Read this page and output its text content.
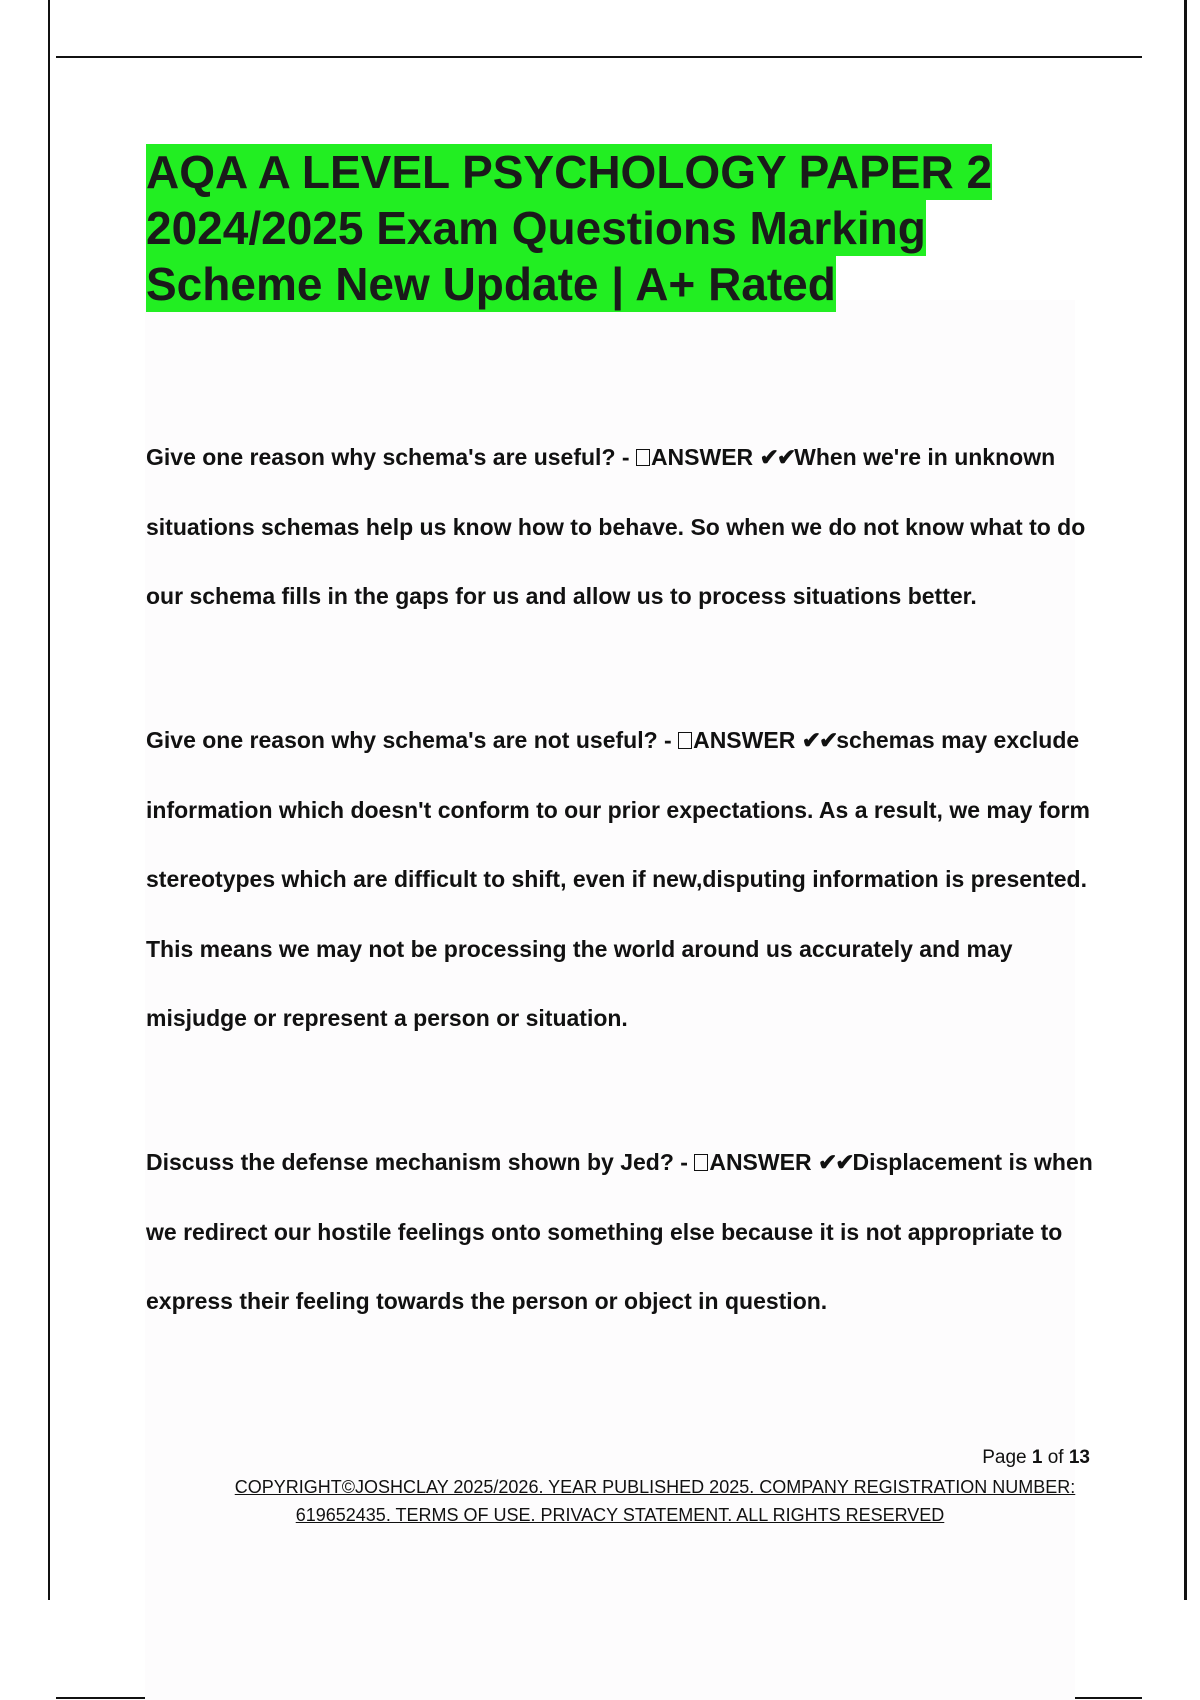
AQA A LEVEL PSYCHOLOGY PAPER 2 2024/2025 Exam Questions Marking Scheme New Update | A+ Rated

Give one reason why schema's are useful? - ANSWER ✔✔When we're in unknown situations schemas help us know how to behave. So when we do not know what to do our schema fills in the gaps for us and allow us to process situations better.

Give one reason why schema's are not useful? - ANSWER ✔✔schemas may exclude information which doesn't conform to our prior expectations. As a result, we may form stereotypes which are difficult to shift, even if new,disputing information is presented. This means we may not be processing the world around us accurately and may misjudge or represent a person or situation.

Discuss the defense mechanism shown by Jed? - ANSWER ✔✔Displacement is when we redirect our hostile feelings onto something else because it is not appropriate to express their feeling towards the person or object in question.

Page 1 of 13
COPYRIGHT©JOSHCLAY 2025/2026. YEAR PUBLISHED 2025. COMPANY REGISTRATION NUMBER:
619652435. TERMS OF USE. PRIVACY STATEMENT. ALL RIGHTS RESERVED
